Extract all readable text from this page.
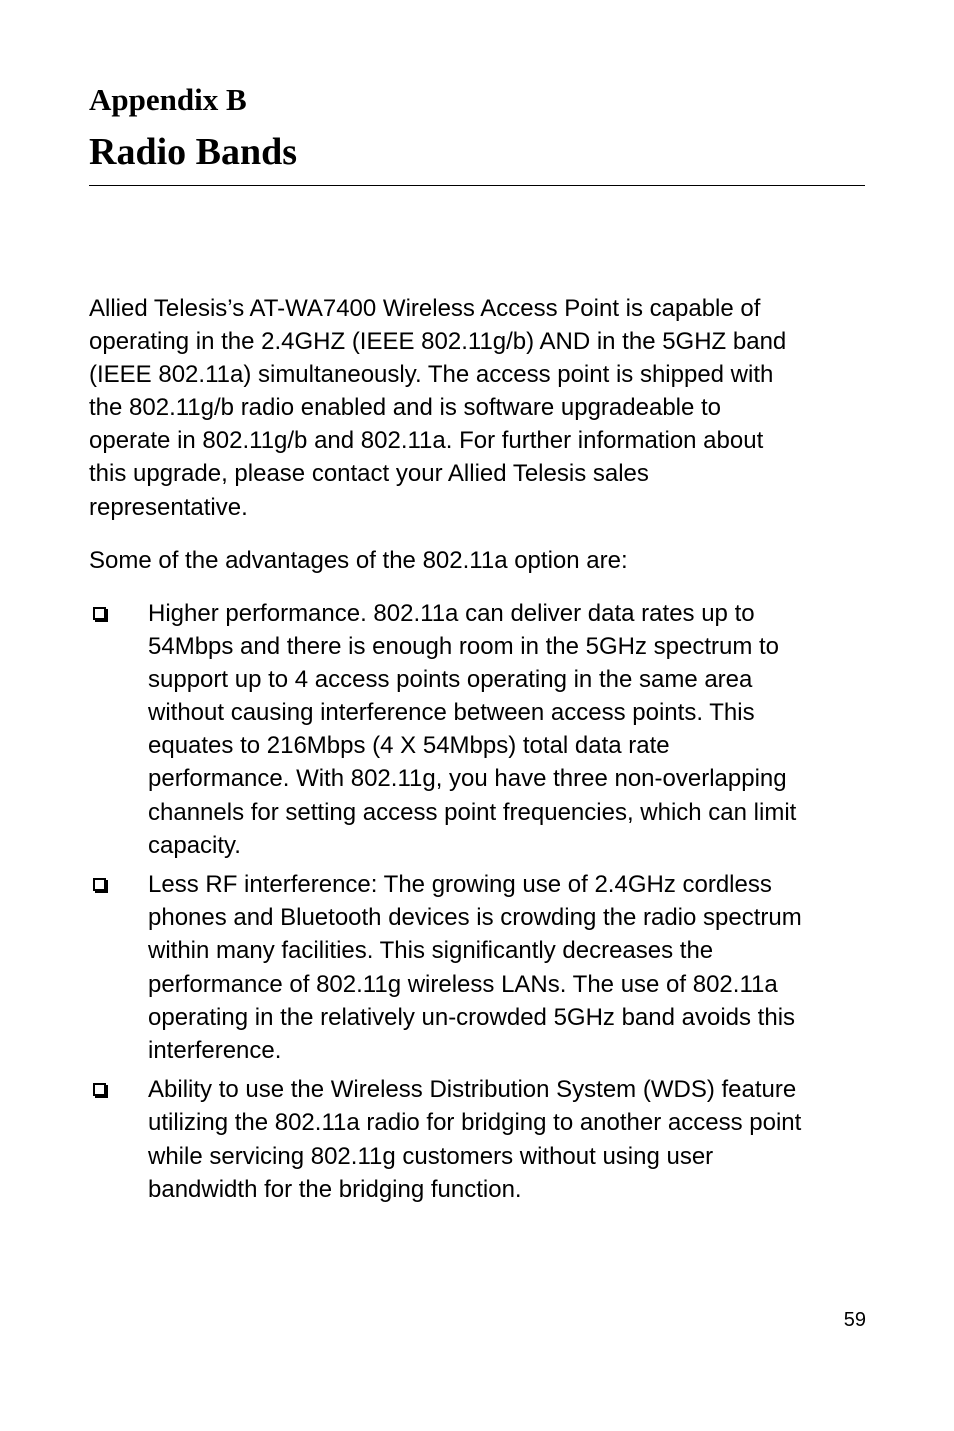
Appendix B
Radio Bands
Allied Telesis’s AT-WA7400 Wireless Access Point is capable of
operating in the 2.4GHZ (IEEE 802.11g/b) AND in the 5GHZ band
(IEEE 802.11a) simultaneously. The access point is shipped with
the 802.11g/b radio enabled and is software upgradeable to
operate in 802.11g/b and 802.11a. For further information about
this upgrade, please contact your Allied Telesis sales
representative.
Some of the advantages of the 802.11a option are:
Higher performance. 802.11a can deliver data rates up to
54Mbps and there is enough room in the 5GHz spectrum to
support up to 4 access points operating in the same area
without causing interference between access points. This
equates to 216Mbps (4 X 54Mbps) total data rate
performance. With 802.11g, you have three non-overlapping
channels for setting access point frequencies, which can limit
capacity.
Less RF interference: The growing use of 2.4GHz cordless
phones and Bluetooth devices is crowding the radio spectrum
within many facilities. This significantly decreases the
performance of 802.11g wireless LANs. The use of 802.11a
operating in the relatively un-crowded 5GHz band avoids this
interference.
Ability to use the Wireless Distribution System (WDS) feature
utilizing the 802.11a radio for bridging to another access point
while servicing 802.11g customers without using user
bandwidth for the bridging function.
59
